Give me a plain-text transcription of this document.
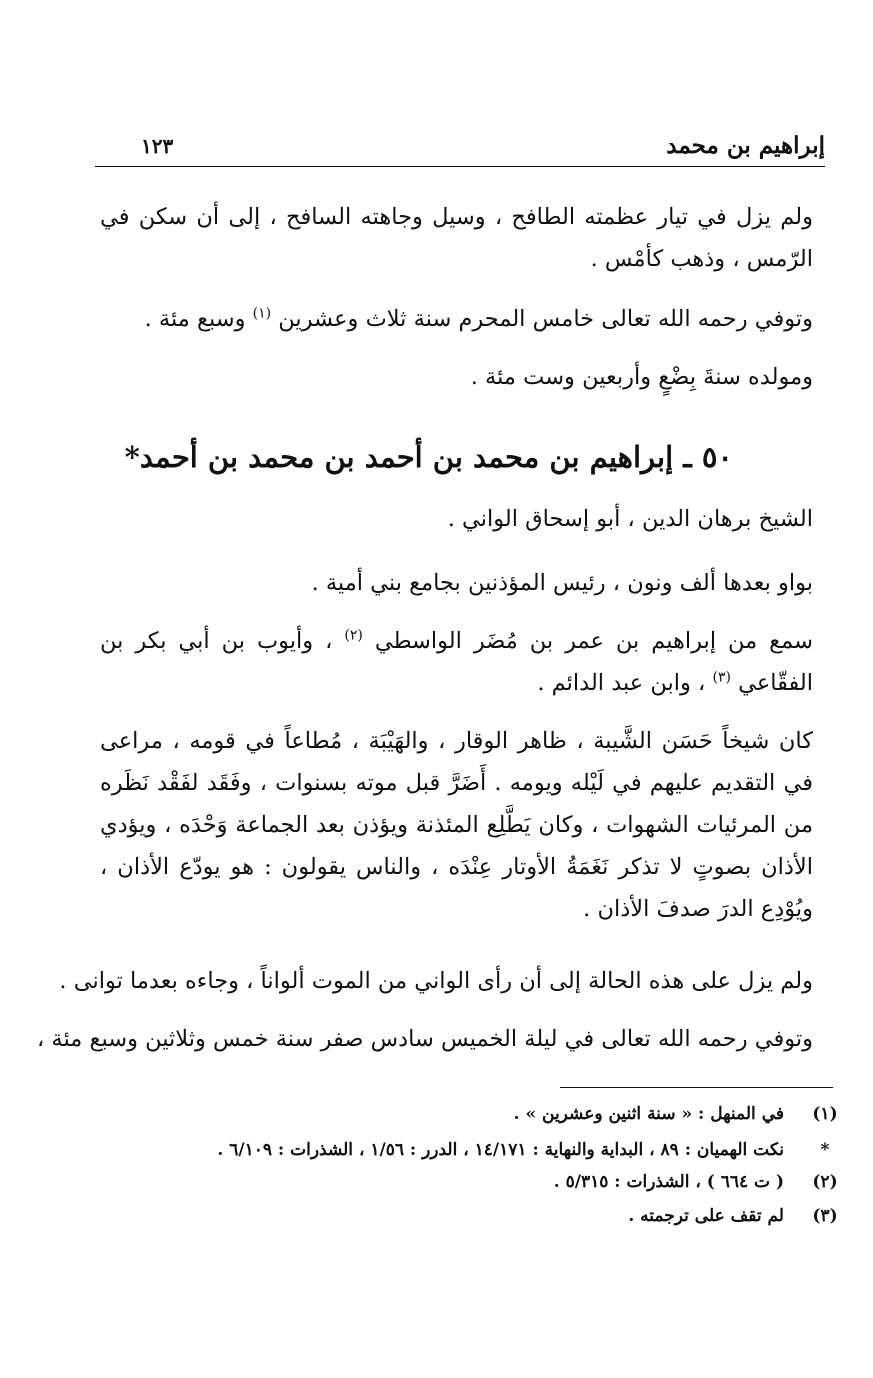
إبراهيم بن محمد
١٢٣

ولم يزل في تيار عظمته الطافح ، وسيل وجاهته السافح ، إلى أن سكن في الرّمس ، وذهب كأمْس .

وتوفي رحمه الله تعالى خامس المحرم سنة ثلاث وعشرين $^{(١)}$ وسبع مئة .

ومولده سنةَ بِضْعٍ وأربعين وست مئة .

٥٠ ـ إبراهيم بن محمد بن أحمد بن محمد بن أحمد*

الشيخ برهان الدين ، أبو إسحاق الواني .

بواو بعدها ألف ونون ، رئيس المؤذنين بجامع بني أمية .

سمع من إبراهيم بن عمر بن مُضَر الواسطي $^{(٢)}$ ، وأيوب بن أبي بكر بن الفقّاعي $^{(٣)}$ ، وابن عبد الدائم .

كان شيخاً حَسَن الشَّيبة ، ظاهر الوقار ، والهَيْبَة ، مُطاعاً في قومه ، مراعى في التقديم عليهم في لَيْله ويومه . أَضَرَّ قبل موته بسنوات ، وفَقَد لفَقْد نَظَره من المرئيات الشهوات ، وكان يَطَّلِع المئذنة ويؤذن بعد الجماعة وَحْدَه ، ويؤدي الأذان بصوتٍ لا تذكر نَغَمَةُ الأوتار عِنْدَه ، والناس يقولون : هو يودّع الأذان ، ويُوْدِع الدرَ صدفَ الأذان .

ولم يزل على هذه الحالة إلى أن رأى الواني من الموت ألواناً ، وجاءه بعدما توانى .

وتوفي رحمه الله تعالى في ليلة الخميس سادس صفر سنة خمس وثلاثين وسبع مئة ،

(١)
في المنهل : « سنة اثنين وعشرين » .
*
نكت الهميان : ٨٩ ، البداية والنهاية : ١٤/١٧١ ، الدرر : ١/٥٦ ، الشذرات : ٦/١٠٩ .
(٢)
( ت ٦٦٤ ) ، الشذرات : ٥/٣١٥ .
(٣)
لم تقف على ترجمته .
